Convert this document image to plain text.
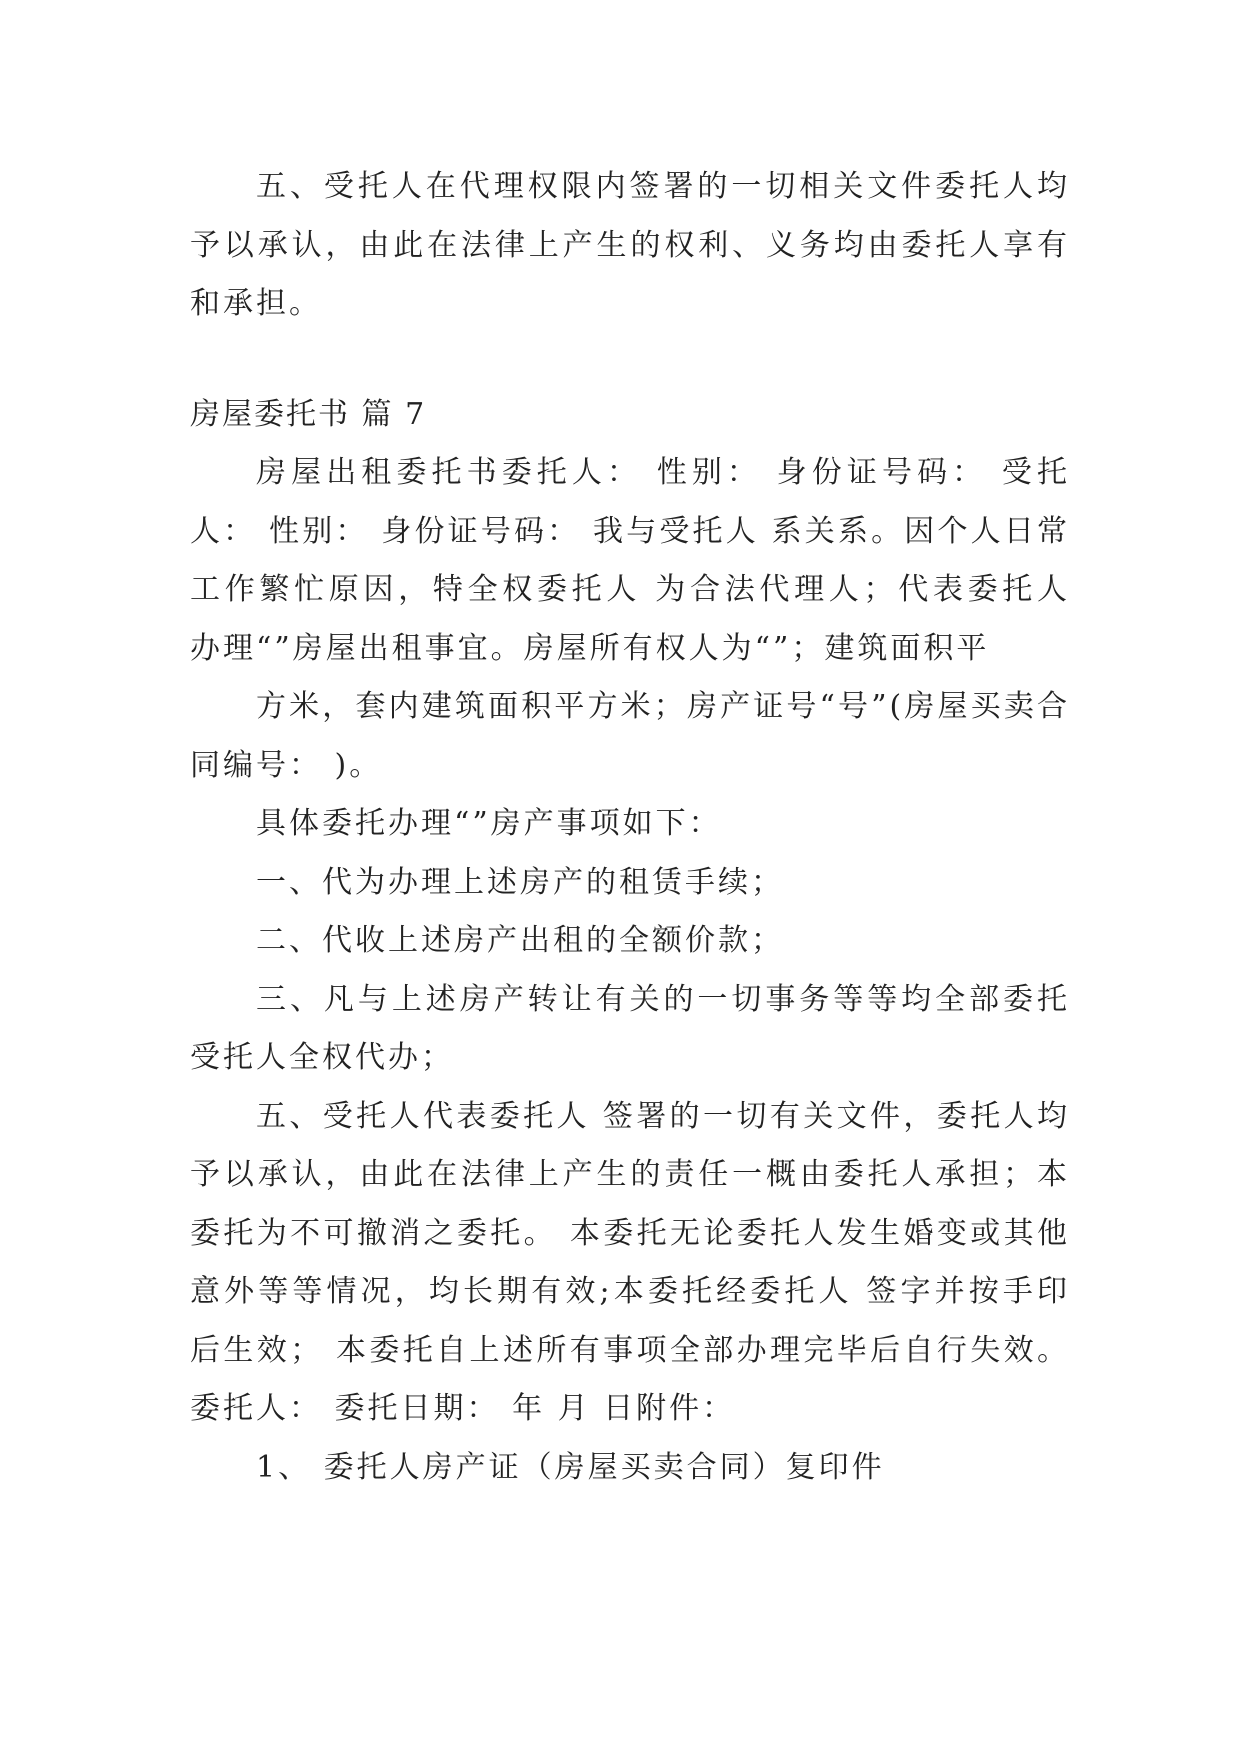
五、受托人在代理权限内签署的一切相关文件委托人均予以承认，由此在法律上产生的权利、义务均由委托人享有和承担。

房屋委托书 篇 7

房屋出租委托书委托人： 性别： 身份证号码： 受托人： 性别： 身份证号码： 我与受托人 系关系。因个人日常工作繁忙原因，特全权委托人 为合法代理人；代表委托人 办理“”房屋出租事宜。房屋所有权人为“”；建筑面积平

方米，套内建筑面积平方米；房产证号“号”(房屋买卖合同编号： )。

具体委托办理“”房产事项如下：

一、代为办理上述房产的租赁手续；

二、代收上述房产出租的全额价款；

三、凡与上述房产转让有关的一切事务等等均全部委托受托人全权代办；

五、受托人代表委托人 签署的一切有关文件，委托人均予以承认，由此在法律上产生的责任一概由委托人承担；本委托为不可撤消之委托。 本委托无论委托人发生婚变或其他意外等等情况，均长期有效;本委托经委托人 签字并按手印后生效； 本委托自上述所有事项全部办理完毕后自行失效。 委托人： 委托日期： 年 月 日附件：

1、 委托人房产证（房屋买卖合同）复印件
